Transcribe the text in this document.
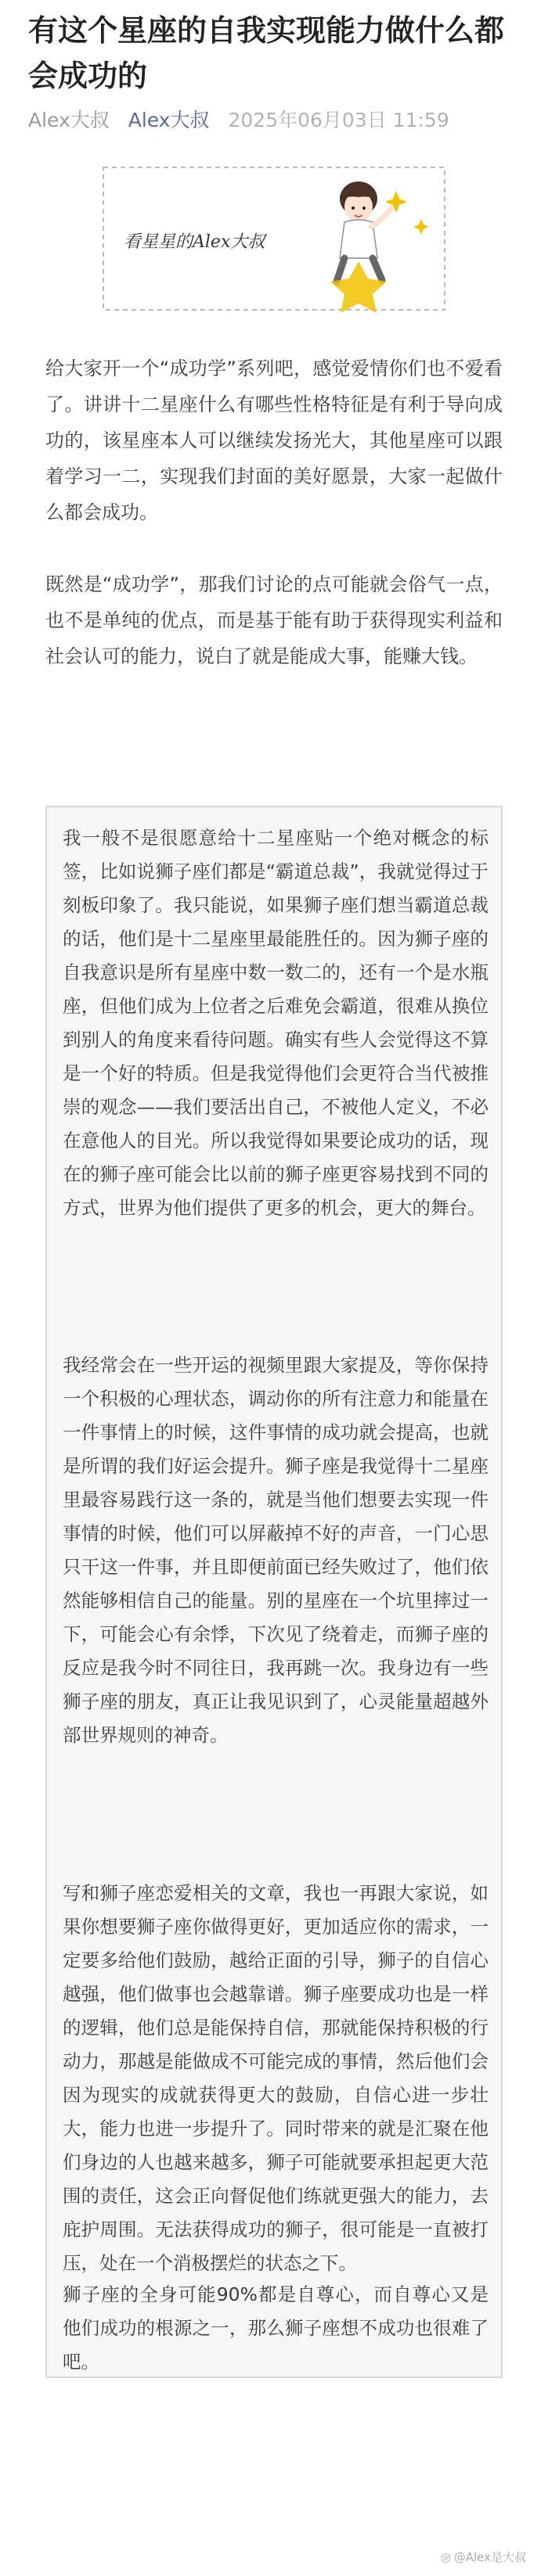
有这个星座的自我实现能力做什么都会成功的
Alex大叔 Alex大叔 2025年06月03日 11:59
看星星的Alex大叔

给大家开一个“成功学”系列吧，感觉爱情你们也不爱看了。讲讲十二星座什么有哪些性格特征是有利于导向成功的，该星座本人可以继续发扬光大，其他星座可以跟着学习一二，实现我们封面的美好愿景，大家一起做什么都会成功。

既然是“成功学”，那我们讨论的点可能就会俗气一点，也不是单纯的优点，而是基于能有助于获得现实利益和社会认可的能力，说白了就是能成大事，能赚大钱。

我一般不是很愿意给十二星座贴一个绝对概念的标签，比如说狮子座们都是“霸道总裁”，我就觉得过于刻板印象了。我只能说，如果狮子座们想当霸道总裁的话，他们是十二星座里最能胜任的。因为狮子座的自我意识是所有星座中数一数二的，还有一个是水瓶座，但他们成为上位者之后难免会霸道，很难从换位到别人的角度来看待问题。确实有些人会觉得这不算是一个好的特质。但是我觉得他们会更符合当代被推崇的观念——我们要活出自己，不被他人定义，不必在意他人的目光。所以我觉得如果要论成功的话，现在的狮子座可能会比以前的狮子座更容易找到不同的方式，世界为他们提供了更多的机会，更大的舞台。

我经常会在一些开运的视频里跟大家提及，等你保持一个积极的心理状态，调动你的所有注意力和能量在一件事情上的时候，这件事情的成功就会提高，也就是所谓的我们好运会提升。狮子座是我觉得十二星座里最容易践行这一条的，就是当他们想要去实现一件事情的时候，他们可以屏蔽掉不好的声音，一门心思只干这一件事，并且即便前面已经失败过了，他们依然能够相信自己的能量。别的星座在一个坑里摔过一下，可能会心有余悸，下次见了绕着走，而狮子座的反应是我今时不同往日，我再跳一次。我身边有一些狮子座的朋友，真正让我见识到了，心灵能量超越外部世界规则的神奇。

写和狮子座恋爱相关的文章，我也一再跟大家说，如果你想要狮子座你做得更好，更加适应你的需求，一定要多给他们鼓励，越给正面的引导，狮子的自信心越强，他们做事也会越靠谱。狮子座要成功也是一样的逻辑，他们总是能保持自信，那就能保持积极的行动力，那越是能做成不可能完成的事情，然后他们会因为现实的成就获得更大的鼓励，自信心进一步壮大，能力也进一步提升了。同时带来的就是汇聚在他们身边的人也越来越多，狮子可能就要承担起更大范围的责任，这会正向督促他们练就更强大的能力，去庇护周围。无法获得成功的狮子，很可能是一直被打压，处在一个消极摆烂的状态之下。

狮子座的全身可能90%都是自尊心，而自尊心又是他们成功的根源之一，那么狮子座想不成功也很难了吧。

◎ @Alex是大叔
